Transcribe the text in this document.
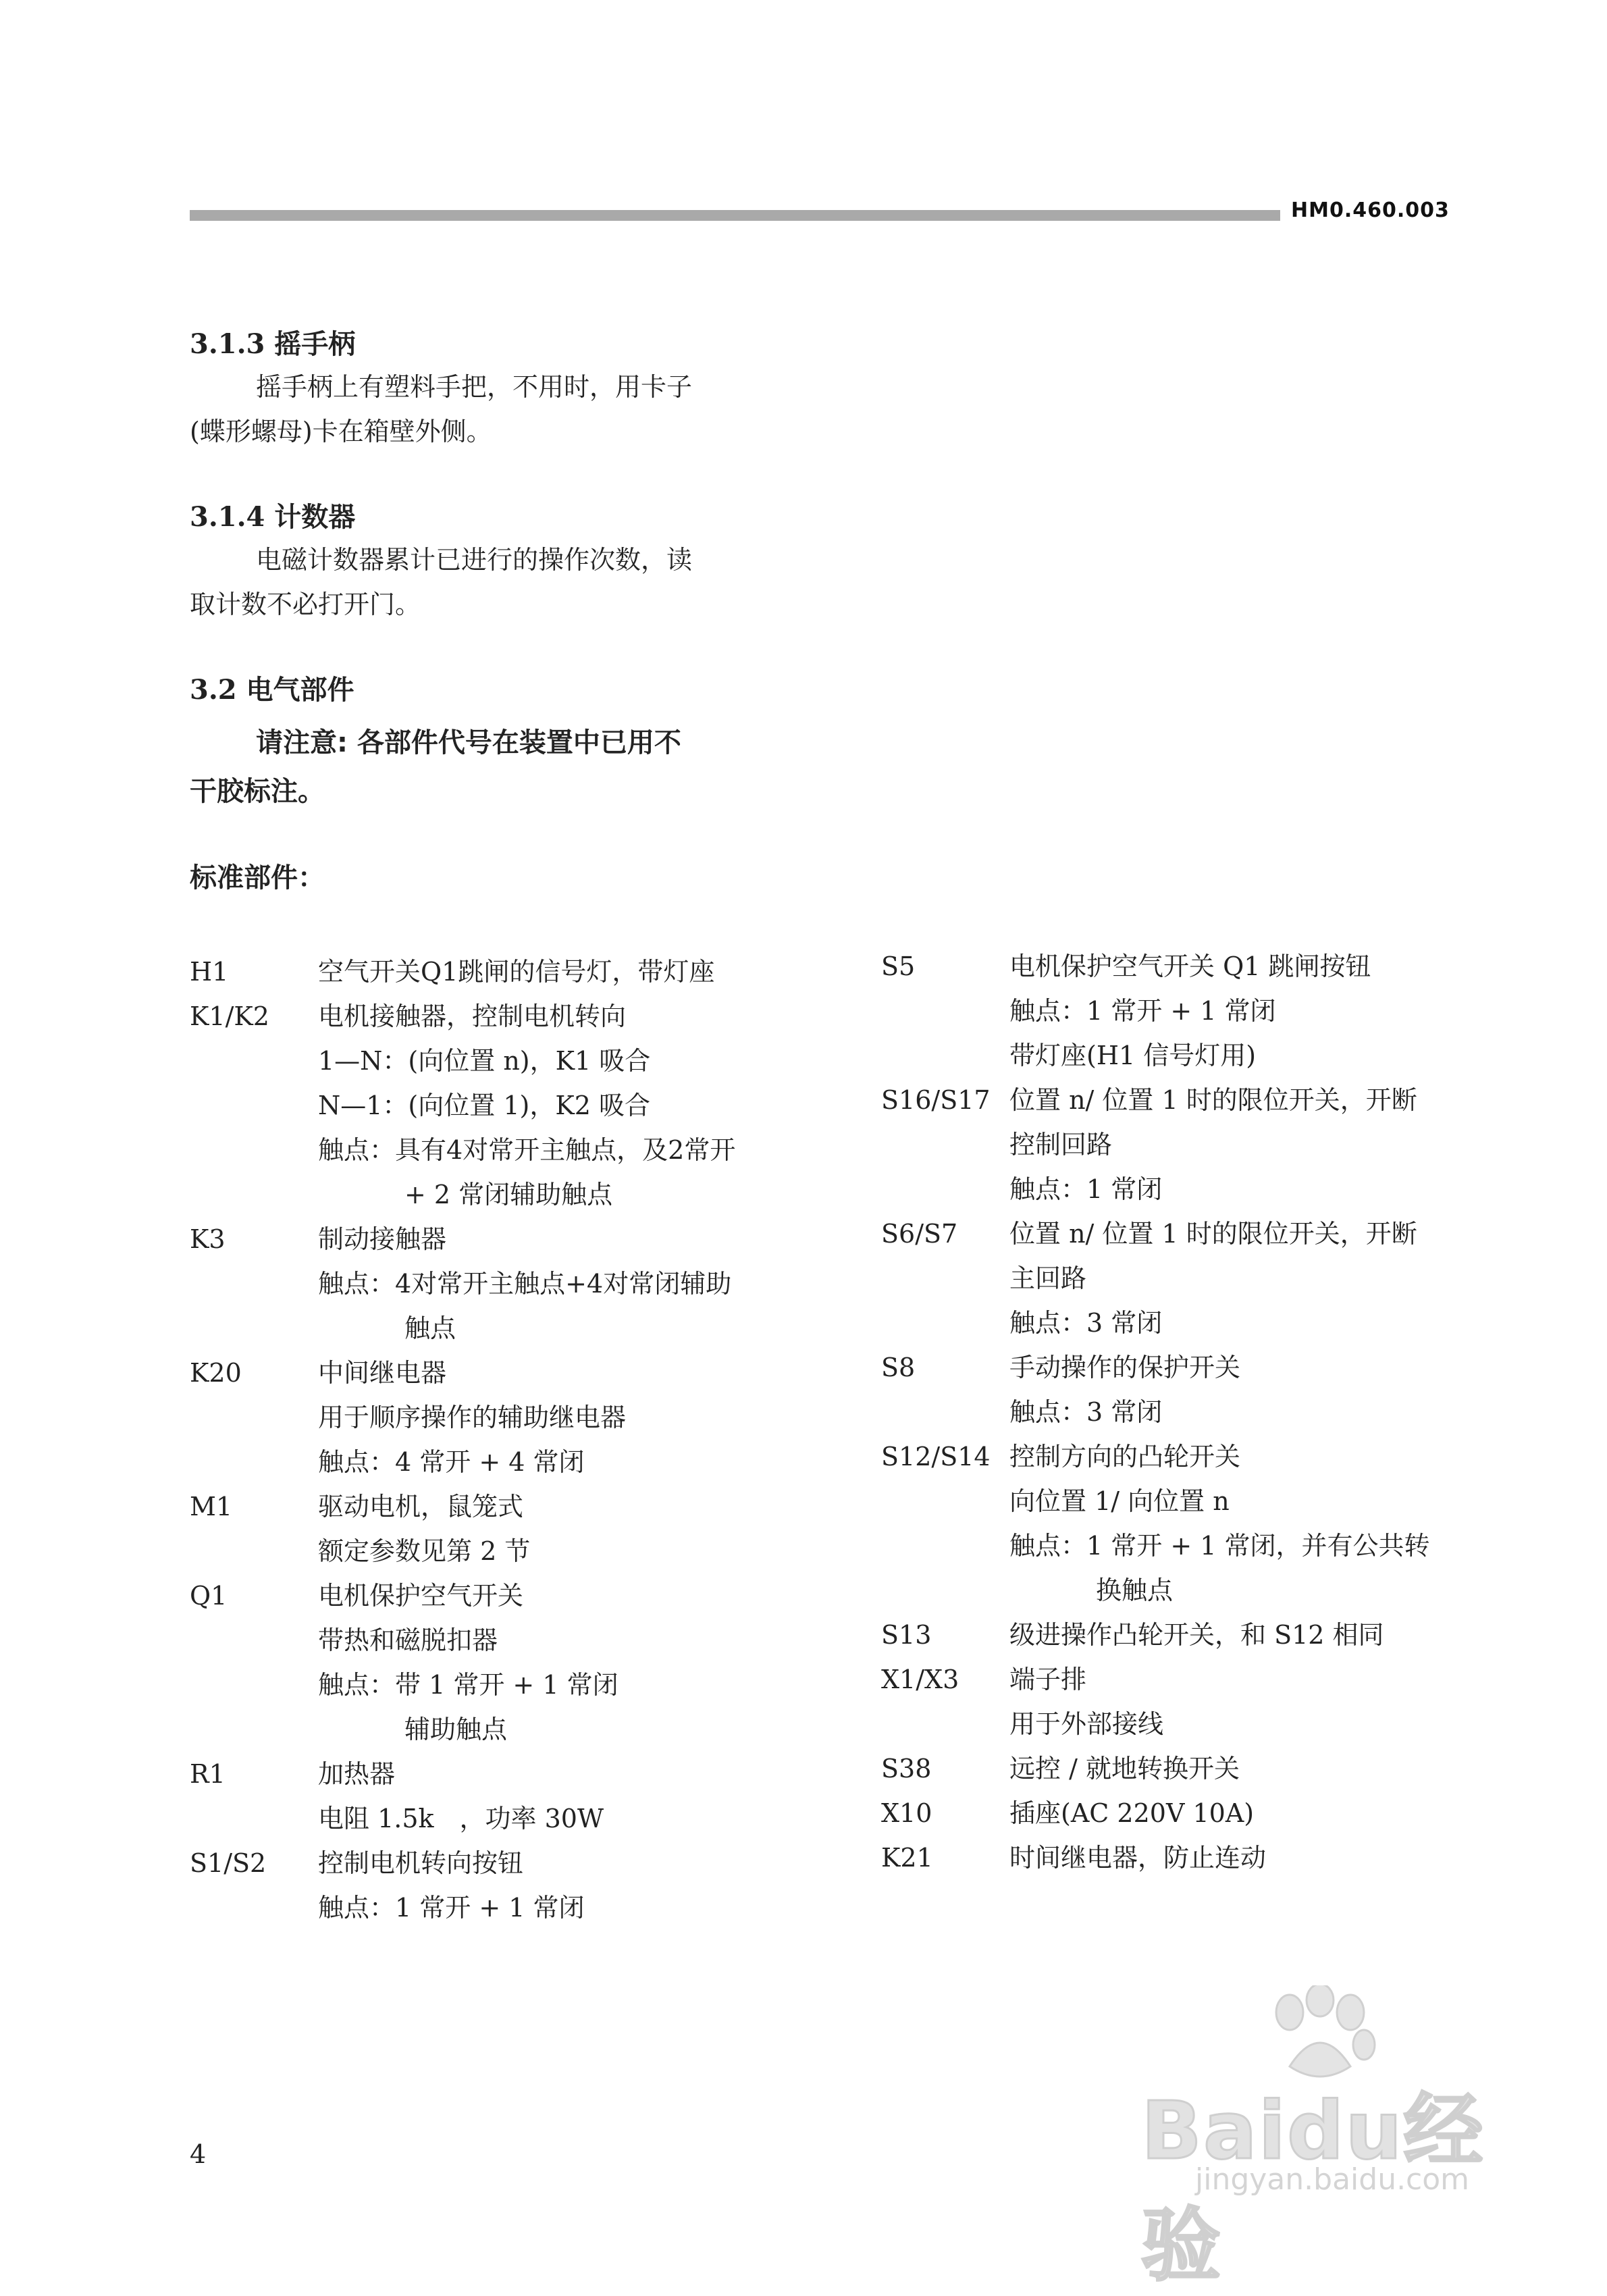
HM0.460.003
3.1.3 摇手柄
摇手柄上有塑料手把，不用时，用卡子
(蝶形螺母)卡在箱壁外侧。
3.1.4 计数器
电磁计数器累计已进行的操作次数，读
取计数不必打开门。
3.2 电气部件
请注意: 各部件代号在装置中已用不
干胶标注。
标准部件：
H1	空气开关Q1跳闸的信号灯，带灯座
K1/K2	电机接触器，控制电机转向
1—N：(向位置 n)，K1 吸合
N—1：(向位置 1)，K2 吸合
触点：具有4对常开主触点，及2常开
+ 2 常闭辅助触点
K3	制动接触器
触点：4对常开主触点+4对常闭辅助
触点
K20	中间继电器
用于顺序操作的辅助继电器
触点：4 常开 + 4 常闭
M1	驱动电机，鼠笼式
额定参数见第 2 节
Q1	电机保护空气开关
带热和磁脱扣器
触点：带 1 常开 + 1 常闭
辅助触点
R1	加热器
电阻 1.5k　，功率 30W
S1/S2	控制电机转向按钮
触点：1 常开 + 1 常闭
S5	电机保护空气开关 Q1 跳闸按钮
触点：1 常开 + 1 常闭
带灯座(H1 信号灯用)
S16/S17 位置 n/ 位置 1 时的限位开关，开断
控制回路
触点：1 常闭
S6/S7	位置 n/ 位置 1 时的限位开关，开断
主回路
触点：3 常闭
S8	手动操作的保护开关
触点：3 常闭
S12/S14 控制方向的凸轮开关
向位置 1/ 向位置 n
触点：1 常开 + 1 常闭，并有公共转
换触点
S13	级进操作凸轮开关，和 S12 相同
X1/X3	端子排
用于外部接线
S38	远控 / 就地转换开关
X10	插座(AC 220V 10A)
K21	时间继电器，防止连动
4	Baidu经验
jingyan.baidu.com
